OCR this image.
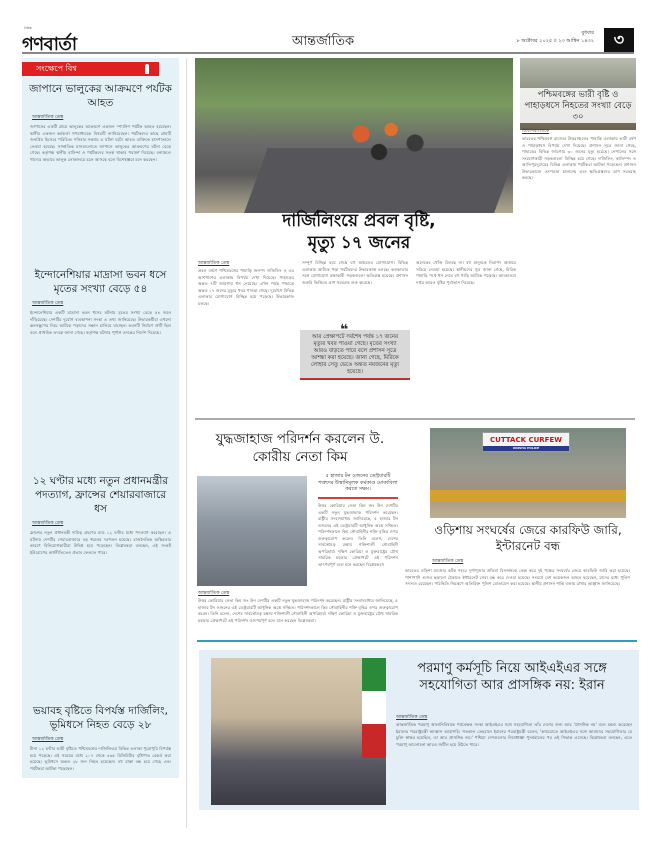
দৈনিক
গণবার্তা	আন্তর্জাতিক
বুধবার
৮ অক্টোবর ২০২৫ ॥ ২৩ আশ্বিন ১৪৩২	৩
সংক্ষেপে বিশ্ব
জাপানে ভালুকের আক্রমণে পর্যটক আহত
আন্তর্জাতিক ডেস্ক
জাপানের একটি গ্রামে ভালুকের আক্রমণে একজন স্প্যানিশ পর্যটক আহত হয়েছেন। স্থানীয় একজন কর্মকর্তা গণমাধ্যমকে বিষয়টি জানিয়েছেন। পর্যটকদের কাছে গ্রামটি জনপ্রিয় হিসেবে পরিচিত। শনিবার সন্ধ্যায় এ ঘটনা ঘটে। আহত ব্যক্তিকে হাসপাতালে নেওয়া হয়েছে। সাম্প্রতিক মাসগুলোতে জাপানে ভালুকের আক্রমণের ঘটনা বেড়ে গেছে। কর্তৃপক্ষ স্থানীয় বাসিন্দা ও পর্যটকদের সতর্ক থাকার পরামর্শ দিয়েছে। বনাঞ্চলে খাদ্যের অভাবে ভালুক লোকালয়ে চলে আসছে বলে বিশেষজ্ঞরা মনে করছেন।
ইন্দোনেশিয়ার মাদ্রাসা ভবন ধসে মৃতের সংখ্যা বেড়ে ৫৪
আন্তর্জাতিক ডেস্ক
ইন্দোনেশিয়ার একটি মাদ্রাসা ভবন ধসের ঘটনায় মৃতের সংখ্যা বেড়ে ৫৪ জনে দাঁড়িয়েছে। দেশটির দুর্যোগ ব্যবস্থাপনা সংস্থা এ তথ্য জানিয়েছে। উদ্ধারকর্মীরা এখনো ধ্বংসস্তূপের নিচে আটকে পড়াদের সন্ধান চালিয়ে যাচ্ছেন। ভবনটি নির্মাণে ত্রুটি ছিল বলে প্রাথমিক তদন্তে জানা গেছে। কর্তৃপক্ষ ঘটনার পূর্ণাঙ্গ তদন্তের নির্দেশ দিয়েছে।
১২ ঘণ্টার মধ্যে নতুন প্রধানমন্ত্রীর পদত্যাগ, ফ্রান্সের শেয়ারবাজারে ধস
আন্তর্জাতিক ডেস্ক
ফ্রান্সের নতুন প্রধানমন্ত্রী দায়িত্ব গ্রহণের মাত্র ১২ ঘণ্টার মধ্যে পদত্যাগ করেছেন। এ ঘটনায় দেশটির শেয়ারবাজারে বড় ধরনের দরপতন হয়েছে। রাজনৈতিক অস্থিরতার কারণে বিনিয়োগকারীরা উদ্বিগ্ন হয়ে পড়েছেন। বিশ্লেষকরা বলছেন, এই সংকট ইউরোপের অর্থনীতিতেও প্রভাব ফেলতে পারে।
ভয়াবহ বৃষ্টিতে বিপর্যস্ত দার্জিলিং, ভূমিধসে নিহত বেড়ে ২৮
আন্তর্জাতিক ডেস্ক
টানা ১২ ঘণ্টার ভারী বৃষ্টিতে পশ্চিমবঙ্গের দার্জিলিংয়ে বিভিন্ন এলাকা পুরোপুরি বিপর্যস্ত হয়ে পড়েছে। এই সময়ের মধ্যে ২০৭ থেকে ৪৬৫ মিলিমিটার বৃষ্টিপাত রেকর্ড করা হয়েছে। ভূমিধসে অন্তত ২৮ জন নিহত হয়েছেন। বহু রাস্তা বন্ধ হয়ে গেছে এবং পর্যটকরা আটকা পড়েছেন।
পশ্চিমবঙ্গের ভারী বৃষ্টি ও পাহাড়ধসে নিহতের সংখ্যা বেড়ে ৩০
বিবিসিবাংলাকে
ভারতের পশ্চিমবঙ্গ রাজ্যের উত্তরাঞ্চলের পাহাড়ি এলাকায় ভারী বর্ষণ ও পাহাড়ধসে বিপর্যয় দেখা দিয়েছে। প্রশাসন সূত্রে জানা গেছে, পাহাড়ের বিভিন্ন জায়গায় ৩০ জনের মৃত্যু হয়েছে। নেপালের সঙ্গে সংযোগকারী সড়কগুলো বিচ্ছিন্ন হয়ে গেছে। দার্জিলিং, কালিম্পং ও আলিপুরদুয়ারের বিভিন্ন এলাকায় পর্যটকরা আটকা পড়েছেন। প্রশাসন উদ্ধারকাজে তৎপরতা চালাচ্ছে এবং ক্ষতিগ্রস্তদের ত্রাণ সরবরাহ করছে।
দার্জিলিংয়ে প্রবল বৃষ্টি,
মৃত্যু ১৭ জনের
আন্তর্জাতিক ডেস্ক
প্রবল বর্ষণে পশ্চিমবঙ্গের পাহাড়ি জনপদ দার্জিলিং ও এর আশপাশের এলাকায় বিপর্যয় দেখা দিয়েছে। পাহাড়ের অন্তত ৭টি জায়গায় ধস নেমেছে। এখন পর্যন্ত পাহাড়ে অন্তত ১৭ জনের মৃত্যুর খবর পাওয়া গেছে। দুর্যোগে বিভিন্ন এলাকার যোগাযোগ বিচ্ছিন্ন হয়ে পড়েছে। উদ্ধারকাজ চলছে।
সম্পূর্ণ বিচ্ছিন্ন হয়ে গেছে বহু অঞ্চলের যোগাযোগ। বিভিন্ন এলাকায় আটকে পড়া পর্যটকদের উদ্ধারকাজ চলছে। কলকাতার সঙ্গে যোগাযোগ রক্ষাকারী সড়কগুলো ক্ষতিগ্রস্ত হয়েছে। প্রশাসন জরুরি ভিত্তিতে ত্রাণ সরবরাহ শুরু করেছে।
আর প্রেক্ষাপটে সর্বশেষ পর্যন্ত ১৭ জনের মৃত্যুর খবর পাওয়া গেছে। মৃতের সংখ্যা আরও বাড়তে পারে বলে প্রশাসন সূত্রে আশঙ্কা করা হয়েছে। জানা গেছে, মিরিকে লোহার সেতু ভেঙে অন্তত নয়জনের মৃত্যু হয়েছে।
অনেকের খোঁজ মিলছে না। বহু মানুষকে নিরাপদ আশ্রয়ে সরিয়ে নেওয়া হয়েছে। স্থানীয়দের সূত্র জানা গেছে, মিরিক পাহাড়ি পথে ধস নেমে বহু গাড়ি আটকে পড়েছে। আবহাওয়া দপ্তর আরও বৃষ্টির পূর্বাভাস দিয়েছে।
যুদ্ধজাহাজ পরিদর্শন করলেন উ. কোরীয় নেতা কিম
৫ হাজার টন ওজনের ডেস্ট্রয়ারটি শত্রুদের উস্কানিমূলক কর্মকাণ্ড মোকাবিলা করতে সক্ষম।
উত্তর কোরিয়ার নেতা কিম জং উন দেশটির একটি নতুন যুদ্ধজাহাজ পরিদর্শন করেছেন। রাষ্ট্রীয় সংবাদমাধ্যম জানিয়েছে, ৫ হাজার টন ওজনের এই ডেস্ট্রয়ারটি আধুনিক অস্ত্রে সজ্জিত। পরিদর্শনকালে কিম নৌবাহিনীর শক্তি বৃদ্ধির ওপর গুরুত্বারোপ করেন। তিনি বলেন, দেশের সার্বভৌমত্ব রক্ষায় শক্তিশালী নৌবাহিনী অপরিহার্য। দক্ষিণ কোরিয়া ও যুক্তরাষ্ট্রের যৌথ সামরিক মহড়ার প্রেক্ষাপটে এই পরিদর্শন তাৎপর্যপূর্ণ বলে মনে করছেন বিশ্লেষকরা।
আন্তর্জাতিক ডেস্ক
উত্তর কোরিয়ার নেতা কিম জং উন দেশটির একটি নতুন যুদ্ধজাহাজ পরিদর্শন করেছেন। রাষ্ট্রীয় সংবাদমাধ্যম জানিয়েছে, ৫ হাজার টন ওজনের এই ডেস্ট্রয়ারটি আধুনিক অস্ত্রে সজ্জিত। পরিদর্শনকালে কিম নৌবাহিনীর শক্তি বৃদ্ধির ওপর গুরুত্বারোপ করেন। তিনি বলেন, দেশের সার্বভৌমত্ব রক্ষায় শক্তিশালী নৌবাহিনী অপরিহার্য। দক্ষিণ কোরিয়া ও যুক্তরাষ্ট্রের যৌথ সামরিক মহড়ার প্রেক্ষাপটে এই পরিদর্শন তাৎপর্যপূর্ণ বলে মনে করছেন বিশ্লেষকরা।
CUTTACK CURFEW
ODISHA POLICE
ওড়িশায় সংঘর্ষের জেরে কারফিউ জারি, ইন্টারনেট বন্ধ
আন্তর্জাতিক ডেস্ক
ভারতের ওড়িশা রাজ্যের কটক শহরে দুর্গাপূজার প্রতিমা বিসর্জনকে কেন্দ্র করে দুই পক্ষের সংঘর্ষের জেরে কারফিউ জারি করা হয়েছে। পাশাপাশি গুজব ছড়ানো ঠেকাতে ইন্টারনেট সেবা বন্ধ করে দেওয়া হয়েছে। সংঘর্ষে বেশ কয়েকজন আহত হয়েছেন, যাদের মধ্যে পুলিশ সদস্যও রয়েছেন। পরিস্থিতি নিয়ন্ত্রণে অতিরিক্ত পুলিশ মোতায়েন করা হয়েছে। স্থানীয় প্রশাসন শান্তি বজায় রাখার আহ্বান জানিয়েছে।
পরমাণু কর্মসূচি নিয়ে আইএইএর সঙ্গে সহযোগিতা আর প্রাসঙ্গিক নয়: ইরান
আন্তর্জাতিক ডেস্ক
আন্তর্জাতিক পরমাণু জ্বালানিবিষয়ক পর্যবেক্ষক সংস্থা আইএইএর সঙ্গে সহযোগিতা তাঁর দেশের জন্য আর 'প্রাসঙ্গিক নয়' বলে মন্তব্য করেছেন ইরানের পররাষ্ট্রমন্ত্রী আব্বাস আরাগচি। গতকাল তেহরানে ইরানের পররাষ্ট্রমন্ত্রী বলেন, 'কায়রোতে আইএইএর সঙ্গে আমাদের সহযোগিতার যে চুক্তি স্বাক্ষর হয়েছিল, তা আর প্রাসঙ্গিক নয়।' পশ্চিমা দেশগুলোর নিষেধাজ্ঞা পুনর্বহালের পর এই সিদ্ধান্ত এসেছে। বিশ্লেষকরা বলছেন, এতে পরমাণু আলোচনা আরও জটিল হয়ে উঠতে পারে।
